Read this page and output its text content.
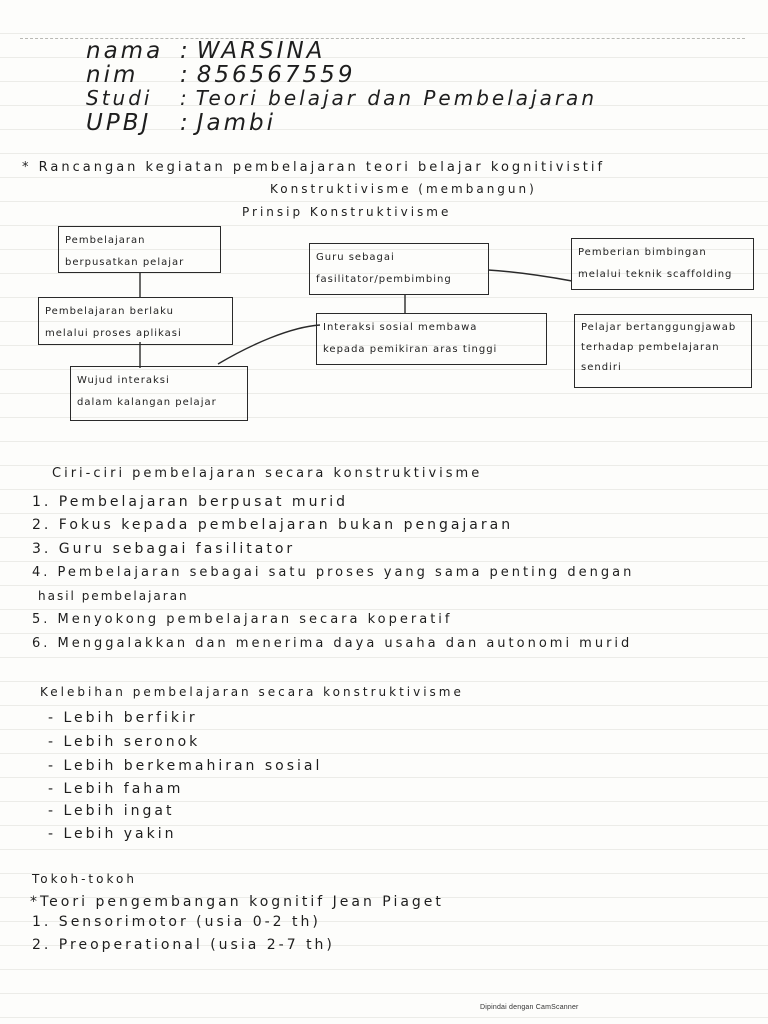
nama : WARSINA
nim : 856567559
Studi : Teori belajar dan Pembelajaran
UPBJ : Jambi
* Rancangan kegiatan pembelajaran teori belajar kognitivistif
Konstruktivisme (membangun)
Prinsip Konstruktivisme
Pembelajaran
berpusatkan pelajar
Pembelajaran berlaku
melalui proses aplikasi
Wujud interaksi
dalam kalangan pelajar
Guru sebagai
fasilitator/pembimbing
Interaksi sosial membawa
kepada pemikiran aras tinggi
Pemberian bimbingan
melalui teknik scaffolding
Pelajar bertanggungjawab
terhadap pembelajaran
sendiri
Ciri-ciri pembelajaran secara konstruktivisme
1. Pembelajaran berpusat murid
2. Fokus kepada pembelajaran bukan pengajaran
3. Guru sebagai fasilitator
4. Pembelajaran sebagai satu proses yang sama penting dengan
hasil pembelajaran
5. Menyokong pembelajaran secara koperatif
6. Menggalakkan dan menerima daya usaha dan autonomi murid
Kelebihan pembelajaran secara konstruktivisme
- Lebih berfikir
- Lebih seronok
- Lebih berkemahiran sosial
- Lebih faham
- Lebih ingat
- Lebih yakin
Tokoh-tokoh
*Teori pengembangan kognitif Jean Piaget
1. Sensorimotor (usia 0-2 th)
2. Preoperational (usia 2-7 th)
Dipindai dengan CamScanner
